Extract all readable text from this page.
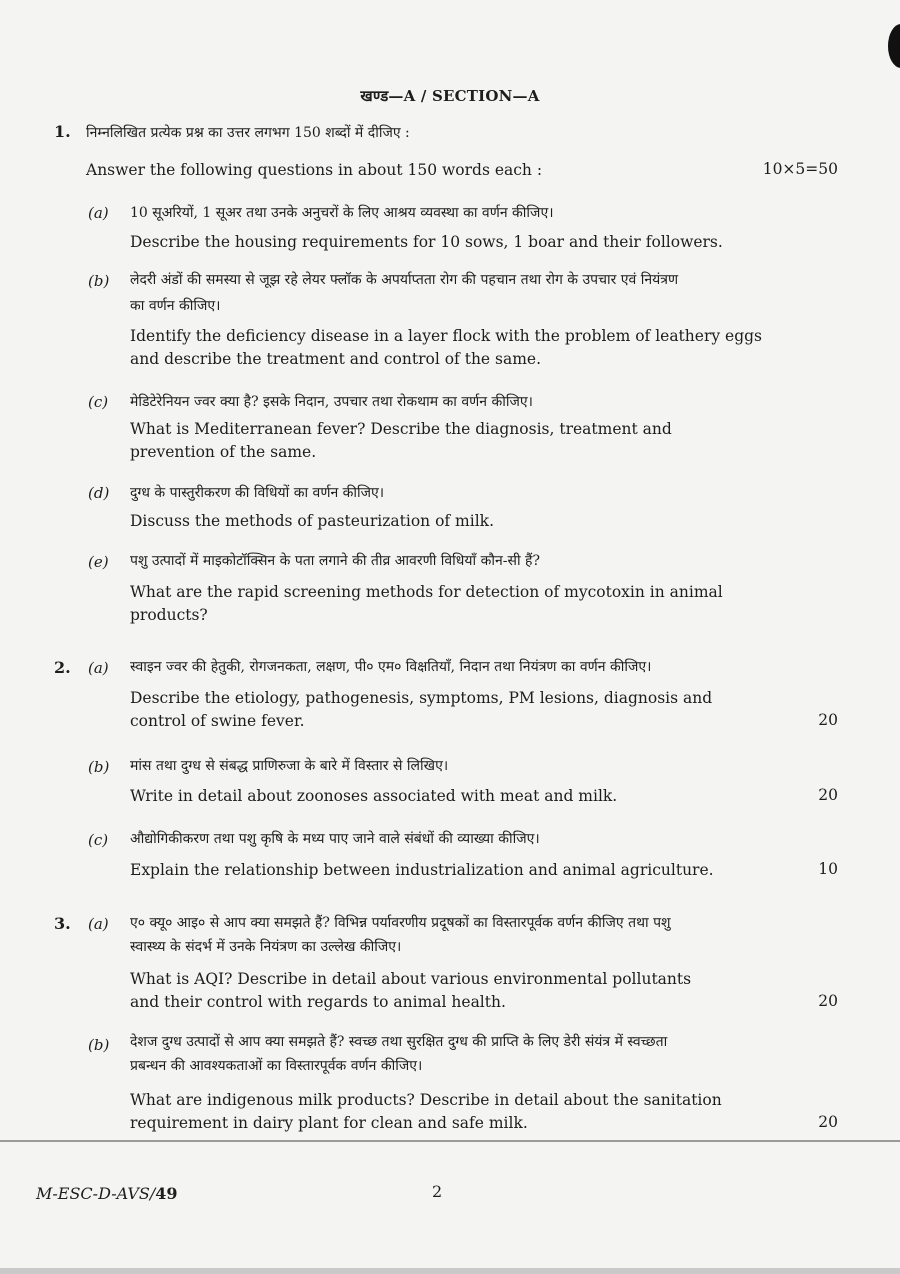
खण्ड—A / SECTION—A
1. निम्नलिखित प्रत्येक प्रश्न का उत्तर लगभग 150 शब्दों में दीजिए :
Answer the following questions in about 150 words each :	10×5=50
(a) 10 सूअरियों, 1 सूअर तथा उनके अनुचरों के लिए आश्रय व्यवस्था का वर्णन कीजिए।
Describe the housing requirements for 10 sows, 1 boar and their followers.
(b) लेदरी अंडों की समस्या से जूझ रहे लेयर फ्लॉक के अपर्याप्तता रोग की पहचान तथा रोग के उपचार एवं नियंत्रण
का वर्णन कीजिए।
Identify the deficiency disease in a layer flock with the problem of leathery eggs
and describe the treatment and control of the same.
(c) मेडिटेरेनियन ज्वर क्या है? इसके निदान, उपचार तथा रोकथाम का वर्णन कीजिए।
What is Mediterranean fever? Describe the diagnosis, treatment and
prevention of the same.
(d) दुग्ध के पास्तुरीकरण की विधियों का वर्णन कीजिए।
Discuss the methods of pasteurization of milk.
(e) पशु उत्पादों में माइकोटॉक्सिन के पता लगाने की तीव्र आवरणी विधियाँ कौन-सी हैं?
What are the rapid screening methods for detection of mycotoxin in animal
products?
2. (a) स्वाइन ज्वर की हेतुकी, रोगजनकता, लक्षण, पी० एम० विक्षतियाँ, निदान तथा नियंत्रण का वर्णन कीजिए।
Describe the etiology, pathogenesis, symptoms, PM lesions, diagnosis and
control of swine fever.	20
(b) मांस तथा दुग्ध से संबद्ध प्राणिरुजा के बारे में विस्तार से लिखिए।
Write in detail about zoonoses associated with meat and milk.	20
(c) औद्योगिकीकरण तथा पशु कृषि के मध्य पाए जाने वाले संबंधों की व्याख्या कीजिए।
Explain the relationship between industrialization and animal agriculture.	10
3. (a) ए० क्यू० आइ० से आप क्या समझते हैं? विभिन्न पर्यावरणीय प्रदूषकों का विस्तारपूर्वक वर्णन कीजिए तथा पशु
स्वास्थ्य के संदर्भ में उनके नियंत्रण का उल्लेख कीजिए।
What is AQI? Describe in detail about various environmental pollutants
and their control with regards to animal health.	20
(b) देशज दुग्ध उत्पादों से आप क्या समझते हैं? स्वच्छ तथा सुरक्षित दुग्ध की प्राप्ति के लिए डेरी संयंत्र में स्वच्छता
प्रबन्धन की आवश्यकताओं का विस्तारपूर्वक वर्णन कीजिए।
What are indigenous milk products? Describe in detail about the sanitation
requirement in dairy plant for clean and safe milk.	20
M-ESC-D-AVS/49	2
